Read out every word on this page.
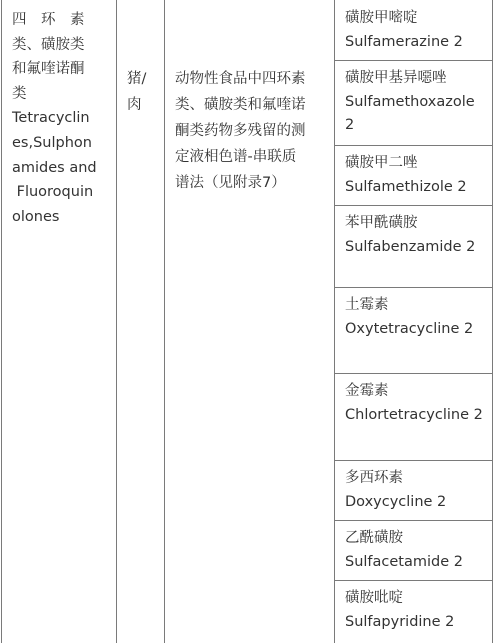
四　环　素
类、磺胺类
和氟喹诺酮
类
Tetracyclin
es,Sulphon
amides and
Fluoroquin
olones
猪/
肉
动物性食品中四环素
类、磺胺类和氟喹诺
酮类药物多残留的测
定液相色谱-串联质
谱法（见附录7）
磺胺甲嘧啶
Sulfamerazine 2
磺胺甲基异噁唑
Sulfamethoxazole 2
磺胺甲二唑
Sulfamethizole 2
苯甲酰磺胺
Sulfabenzamide 2
土霉素
Oxytetracycline 2
金霉素
Chlortetracycline 2
多西环素
Doxycycline 2
乙酰磺胺
Sulfacetamide 2
磺胺吡啶
Sulfapyridine 2
